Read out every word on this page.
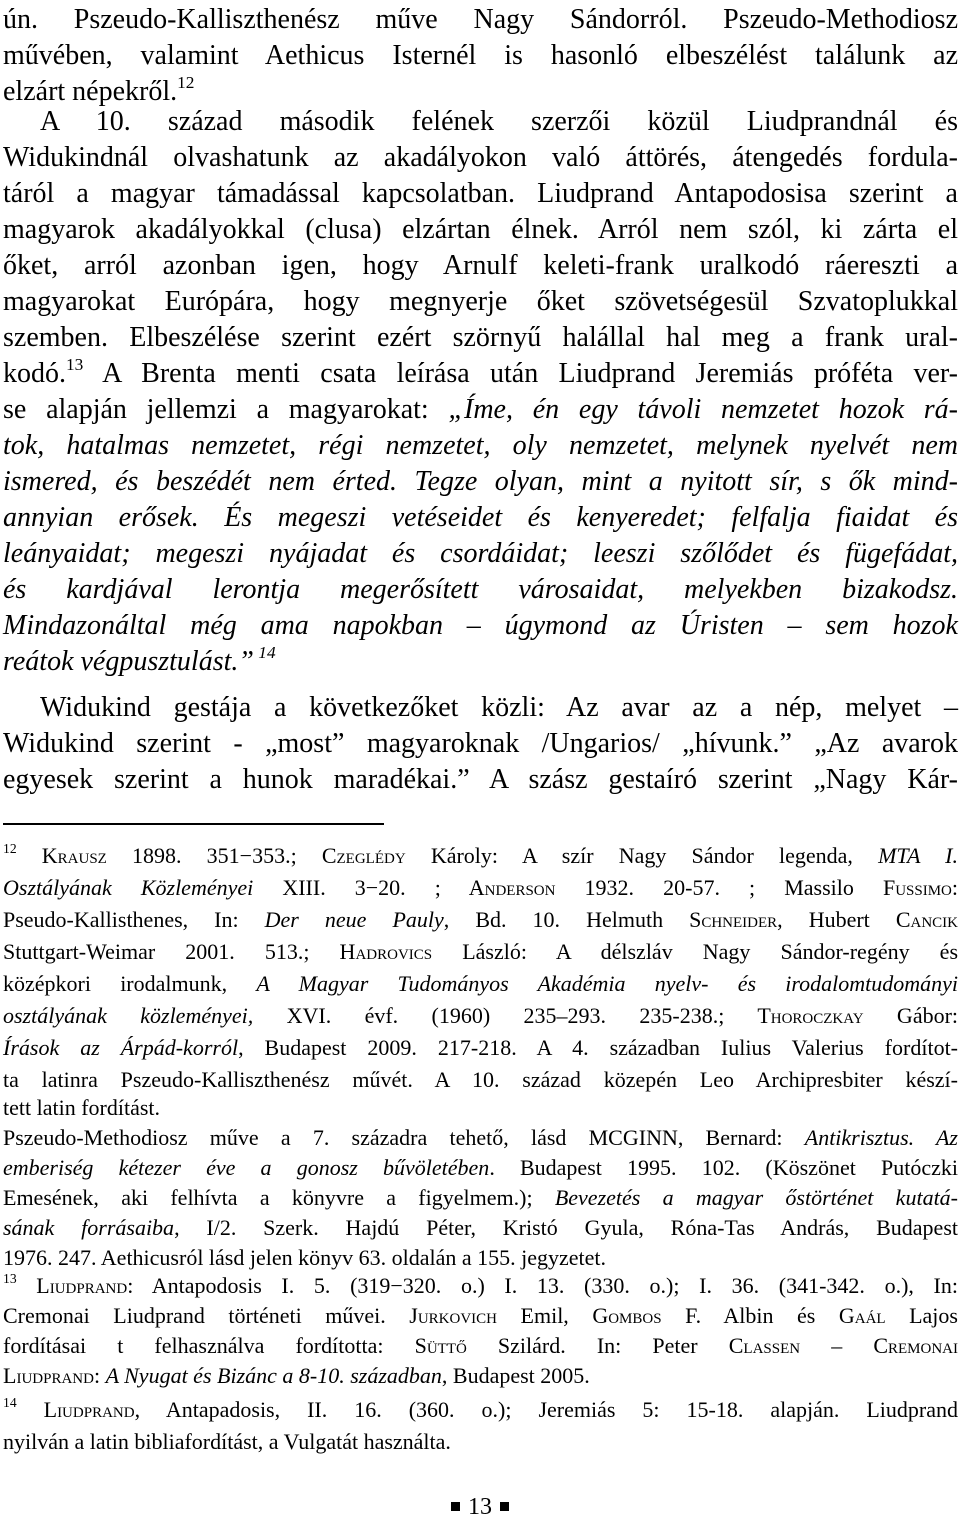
ún. Pszeudo-Kalliszthenész műve Nagy Sándorról. Pszeudo-Methodiosz

művében, valamint Aethicus Isternél is hasonló elbeszélést találunk az

elzárt népekről.$^{12}$

A 10. század második felének szerzői közül Liudprandnál és

Widukindnál olvashatunk az akadályokon való áttörés, átengedés fordula-

táról a magyar támadással kapcsolatban. Liudprand Antapodosisa szerint a

magyarok akadályokkal (clusa) elzártan élnek. Arról nem szól, ki zárta el

őket, arról azonban igen, hogy Arnulf keleti-frank uralkodó ráereszti a

magyarokat Európára, hogy megnyerje őket szövetségesül Szvatoplukkal

szemben. Elbeszélése szerint ezért szörnyű halállal hal meg a frank ural-

kodó.$^{13}$ A Brenta menti csata leírása után Liudprand Jeremiás próféta ver-

se alapján jellemzi a magyarokat: „Íme, én egy távoli nemzetet hozok rá-

tok, hatalmas nemzetet, régi nemzetet, oly nemzetet, melynek nyelvét nem

ismered, és beszédét nem érted. Tegze olyan, mint a nyitott sír, s ők mind-

annyian erősek. És megeszi vetéseidet és kenyeredet; felfalja fiaidat és

leányaidat; megeszi nyájadat és csordáidat; leeszi szőlődet és fügefádat,

és kardjával lerontja megerősített városaidat, melyekben bizakodsz.

Mindazonáltal még ama napokban – úgymond az Úristen – sem hozok

reátok végpusztulást.” $^{14}$

Widukind gestája a következőket közli: Az avar az a nép, melyet –

Widukind szerint - „most” magyaroknak /Ungarios/ „hívunk.” „Az avarok

egyesek szerint a hunok maradékai.” A szász gestaíró szerint „Nagy Kár-

$^{12}$ Krausz 1898. 351−353.; Czeglédy Károly: A szír Nagy Sándor legenda, MTA I.

Osztályának Közleményei XIII. 3−20. ; Anderson 1932. 20-57. ; Massilo Fussimo:

Pseudo-Kallisthenes, In: Der neue Pauly, Bd. 10. Helmuth Schneider, Hubert Cancik

Stuttgart-Weimar 2001. 513.; Hadrovics László: A délszláv Nagy Sándor-regény és

középkori irodalmunk, A Magyar Tudományos Akadémia nyelv- és irodalomtudományi

osztályának közleményei, XVI. évf. (1960) 235–293. 235-238.; Thoroczkay Gábor:

Írások az Árpád-korról, Budapest 2009. 217-218. A 4. században Iulius Valerius fordítot-

ta latinra Pszeudo-Kalliszthenész művét. A 10. század közepén Leo Archipresbiter készí-

tett latin fordítást.

Pszeudo-Methodiosz műve a 7. századra tehető, lásd MCGINN, Bernard: Antikrisztus. Az

emberiség kétezer éve a gonosz bűvöletében. Budapest 1995. 102. (Köszönet Putóczki

Emesének, aki felhívta a könyvre a figyelmem.); Bevezetés a magyar őstörténet kutatá-

sának forrásaiba, I/2. Szerk. Hajdú Péter, Kristó Gyula, Róna-Tas András, Budapest

1976. 247. Aethicusról lásd jelen könyv 63. oldalán a 155. jegyzetet.

$^{13}$ Liudprand: Antapodosis I. 5. (319−320. o.) I. 13. (330. o.); I. 36. (341-342. o.), In:

Cremonai Liudprand történeti művei. Jurkovich Emil, Gombos F. Albin és Gaál Lajos

fordításai t felhasználva fordította: Süttő Szilárd. In: Peter Classen – Cremonai

Liudprand: A Nyugat és Bizánc a 8-10. században, Budapest 2005.

$^{14}$ Liudprand, Antapadosis, II. 16. (360. o.); Jeremiás 5: 15-18. alapján. Liudprand

nyilván a latin bibliafordítást, a Vulgatát használta.

13
